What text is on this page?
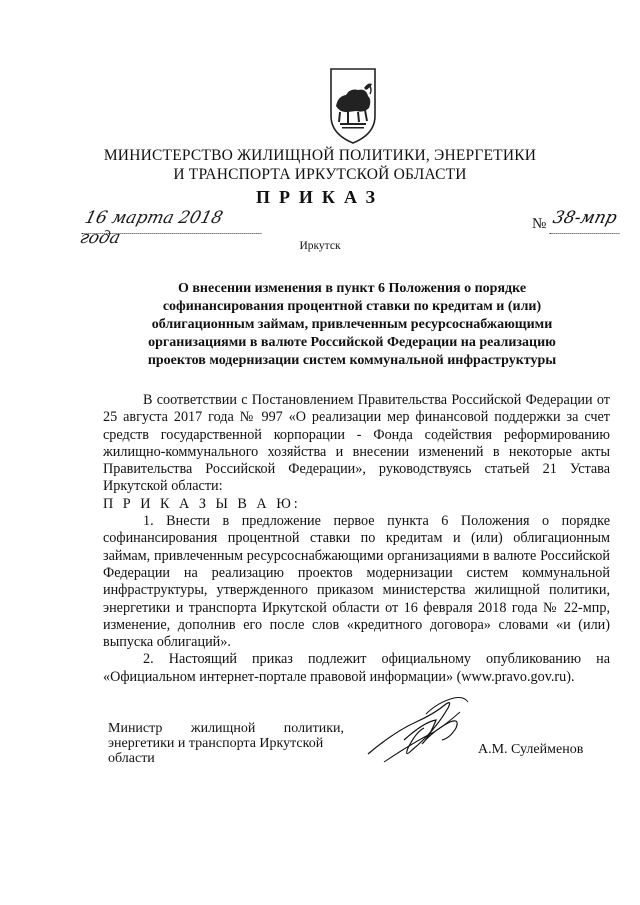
МИНИСТЕРСТВО ЖИЛИЩНОЙ ПОЛИТИКИ, ЭНЕРГЕТИКИ
И ТРАНСПОРТА ИРКУТСКОЙ ОБЛАСТИ
ПРИКАЗ
16 марта 2018 года
№ 38-мпр
Иркутск
О внесении изменения в пункт 6 Положения о порядке
софинансирования процентной ставки по кредитам и (или)
облигационным займам, привлеченным ресурсоснабжающими
организациями в валюте Российской Федерации на реализацию
проектов модернизации систем коммунальной инфраструктуры

В соответствии с Постановлением Правительства Российской Федерации от 25 августа 2017 года № 997 «О реализации мер финансовой поддержки за счет средств государственной корпорации - Фонда содействия реформированию жилищно-коммунального хозяйства и внесении изменений в некоторые акты Правительства Российской Федерации», руководствуясь статьей 21 Устава Иркутской области:

П Р И К А З Ы В А Ю:

1. Внести в предложение первое пункта 6 Положения о порядке софинансирования процентной ставки по кредитам и (или) облигационным займам, привлеченным ресурсоснабжающими организациями в валюте Российской Федерации на реализацию проектов модернизации систем коммунальной инфраструктуры, утвержденного приказом министерства жилищной политики, энергетики и транспорта Иркутской области от 16 февраля 2018 года № 22-мпр, изменение, дополнив его после слов «кредитного договора» словами «и (или) выпуска облигаций».

2. Настоящий приказ подлежит официальному опубликованию на «Официальном интернет-портале правовой информации» (www.pravo.gov.ru).

Министр жилищной политики,
энергетики и транспорта Иркутской
области
А.М. Сулейменов
